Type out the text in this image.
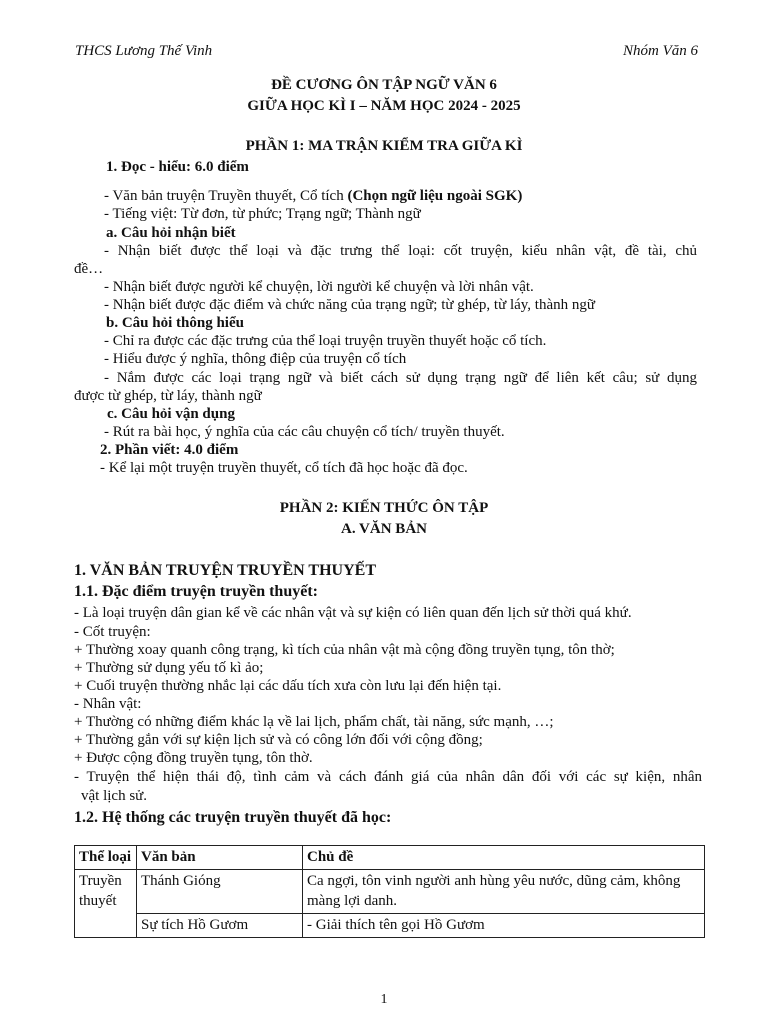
THCS Lương Thế Vinh	Nhóm Văn 6
ĐỀ CƯƠNG ÔN TẬP NGỮ VĂN 6
GIỮA HỌC KÌ I – NĂM HỌC 2024 - 2025
PHẦN 1: MA TRẬN KIỂM TRA GIỮA KÌ
1. Đọc - hiểu: 6.0 điểm
- Văn bản truyện Truyền thuyết, Cổ tích (Chọn ngữ liệu ngoài SGK)
- Tiếng việt: Từ đơn, từ phức; Trạng ngữ; Thành ngữ
a. Câu hỏi nhận biết
- Nhận biết được thể loại và đặc trưng thể loại: cốt truyện, kiểu nhân vật, đề tài, chủ
đề…
- Nhận biết được người kể chuyện, lời người kể chuyện và lời nhân vật.
- Nhận biết được đặc điểm và chức năng của trạng ngữ; từ ghép, từ láy, thành ngữ
b. Câu hỏi thông hiểu
- Chỉ ra được các đặc trưng của thể loại truyện truyền thuyết hoặc cổ tích.
- Hiểu được ý nghĩa, thông điệp của truyện cổ tích
- Nắm được các loại trạng ngữ và biết cách sử dụng trạng ngữ để liên kết câu; sử dụng
được từ ghép, từ láy, thành ngữ
c. Câu hỏi vận dụng
- Rút ra bài học, ý nghĩa của các câu chuyện cổ tích/ truyền thuyết.
2. Phần viết: 4.0 điểm
- Kể lại một truyện truyền thuyết, cổ tích đã học hoặc đã đọc.
PHẦN 2: KIẾN THỨC ÔN TẬP
A. VĂN BẢN
1. VĂN BẢN TRUYỆN TRUYỀN THUYẾT
1.1. Đặc điểm truyện truyền thuyết:
- Là loại truyện dân gian kể về các nhân vật và sự kiện có liên quan đến lịch sử thời quá khứ.
- Cốt truyện:
+ Thường xoay quanh công trạng, kì tích của nhân vật mà cộng đồng truyền tụng, tôn thờ;
+ Thường sử dụng yếu tố kì ảo;
+ Cuối truyện thường nhắc lại các dấu tích xưa còn lưu lại đến hiện tại.
- Nhân vật:
+ Thường có những điểm khác lạ về lai lịch, phẩm chất, tài năng, sức mạnh, …;
+ Thường gắn với sự kiện lịch sử và có công lớn đối với cộng đồng;
+ Được cộng đồng truyền tụng, tôn thờ.
- Truyện thể hiện thái độ, tình cảm và cách đánh giá của nhân dân đối với các sự kiện, nhân
vật lịch sử.
1.2. Hệ thống các truyện truyền thuyết đã học:
Thể loại	Văn bản	Chủ đề
Truyền thuyết	Thánh Gióng	Ca ngợi, tôn vinh người anh hùng yêu nước, dũng cảm, không màng lợi danh.
	Sự tích Hồ Gươm	- Giải thích tên gọi Hồ Gươm
1
